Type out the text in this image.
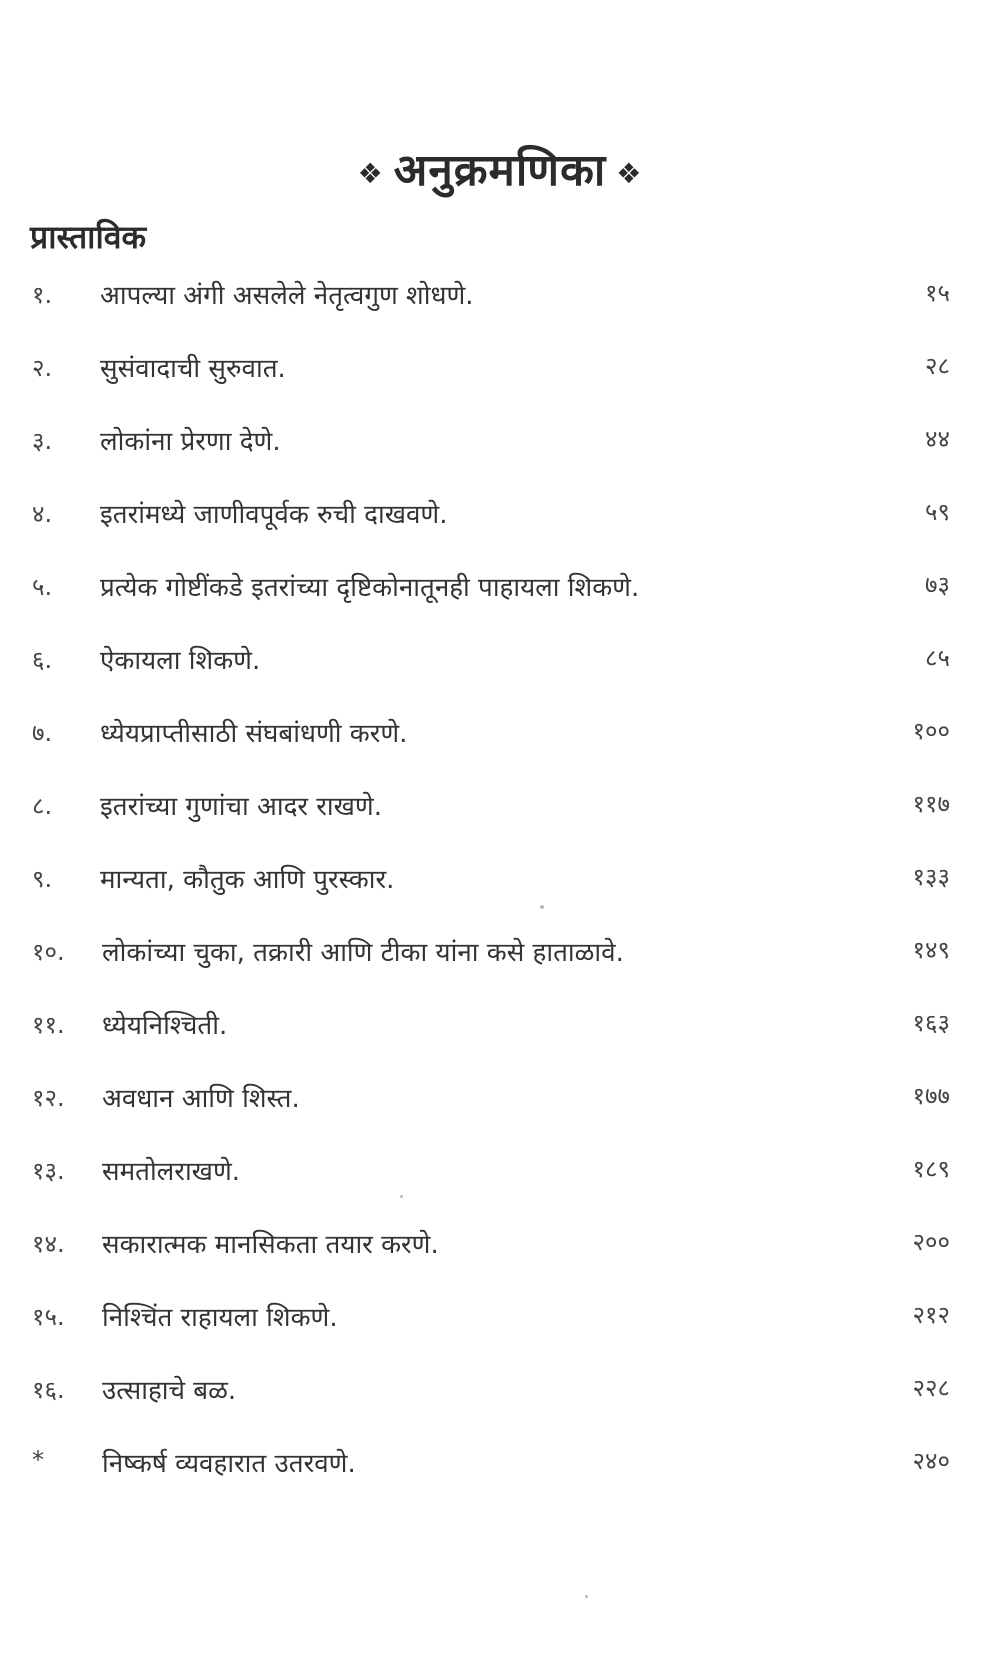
❖ अनुक्रमणिका ❖
प्रास्ताविक
१. आपल्या अंगी असलेले नेतृत्वगुण शोधणे.	१५
२. सुसंवादाची सुरुवात.	२८
३. लोकांना प्रेरणा देणे.	४४
४. इतरांमध्ये जाणीवपूर्वक रुची दाखवणे.	५९
५. प्रत्येक गोष्टींकडे इतरांच्या दृष्टिकोनातूनही पाहायला शिकणे.	७३
६. ऐकायला शिकणे.	८५
७. ध्येयप्राप्तीसाठी संघबांधणी करणे.	१००
८. इतरांच्या गुणांचा आदर राखणे.	११७
९. मान्यता, कौतुक आणि पुरस्कार.	१३३
१०. लोकांच्या चुका, तक्रारी आणि टीका यांना कसे हाताळावे.	१४९
११. ध्येयनिश्चिती.	१६३
१२. अवधान आणि शिस्त.	१७७
१३. समतोलराखणे.	१८९
१४. सकारात्मक मानसिकता तयार करणे.	२००
१५. निश्चिंत राहायला शिकणे.	२१२
१६. उत्साहाचे बळ.	२२८
* निष्कर्ष व्यवहारात उतरवणे.	२४०
